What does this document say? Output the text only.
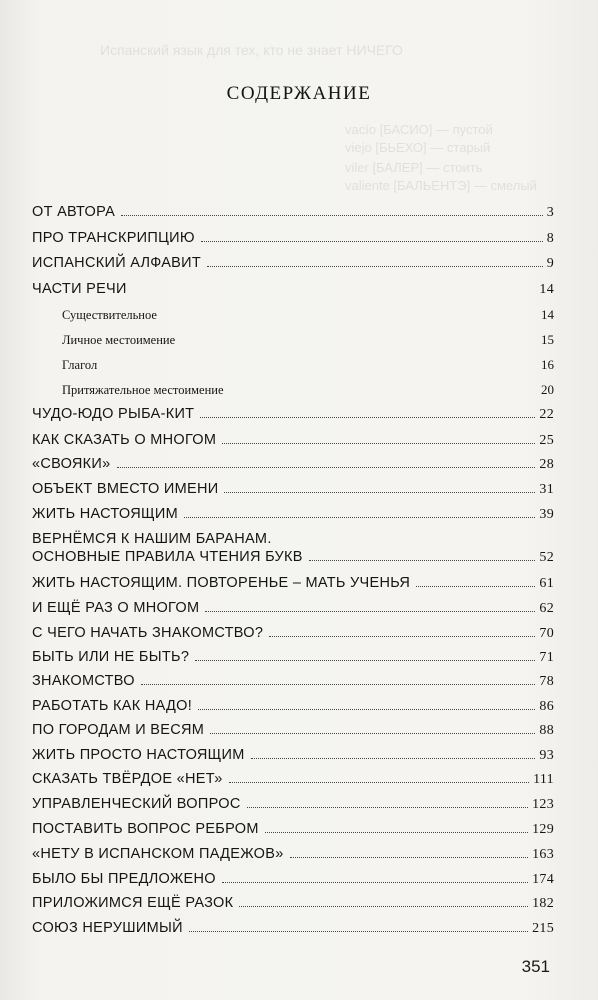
Испанский язык для тех, кто не знает НИЧЕГО
vacío [БАСИО] — пустой
viejo [БЬЕХО] — старый
viler [БАЛЕР] — стоить
valiente [БАЛЬЕНТЭ] — смелый
СОДЕРЖАНИЕ
ОТ АВТОРА	3
ПРО ТРАНСКРИПЦИЮ	8
ИСПАНСКИЙ АЛФАВИТ	9
ЧАСТИ РЕЧИ	14
Существительное	14
Личное местоимение	15
Глагол	16
Притяжательное местоимение	20
ЧУДО-ЮДО РЫБА-КИТ	22
КАК СКАЗАТЬ О МНОГОМ	25
«СВОЯКИ»	28
ОБЪЕКТ ВМЕСТО ИМЕНИ	31
ЖИТЬ НАСТОЯЩИМ	39
ВЕРНЁМСЯ К НАШИМ БАРАНАМ.
ОСНОВНЫЕ ПРАВИЛА ЧТЕНИЯ БУКВ	52
ЖИТЬ НАСТОЯЩИМ. ПОВТОРЕНЬЕ – МАТЬ УЧЕНЬЯ	61
И ЕЩЁ РАЗ О МНОГОМ	62
С ЧЕГО НАЧАТЬ ЗНАКОМСТВО?	70
БЫТЬ ИЛИ НЕ БЫТЬ?	71
ЗНАКОМСТВО	78
РАБОТАТЬ КАК НАДО!	86
ПО ГОРОДАМ И ВЕСЯМ	88
ЖИТЬ ПРОСТО НАСТОЯЩИМ	93
СКАЗАТЬ ТВЁРДОЕ «НЕТ»	111
УПРАВЛЕНЧЕСКИЙ ВОПРОС	123
ПОСТАВИТЬ ВОПРОС РЕБРОМ	129
«НЕТУ В ИСПАНСКОМ ПАДЕЖОВ»	163
БЫЛО БЫ ПРЕДЛОЖЕНО	174
ПРИЛОЖИМСЯ ЕЩЁ РАЗОК	182
СОЮЗ НЕРУШИМЫЙ	215
351
